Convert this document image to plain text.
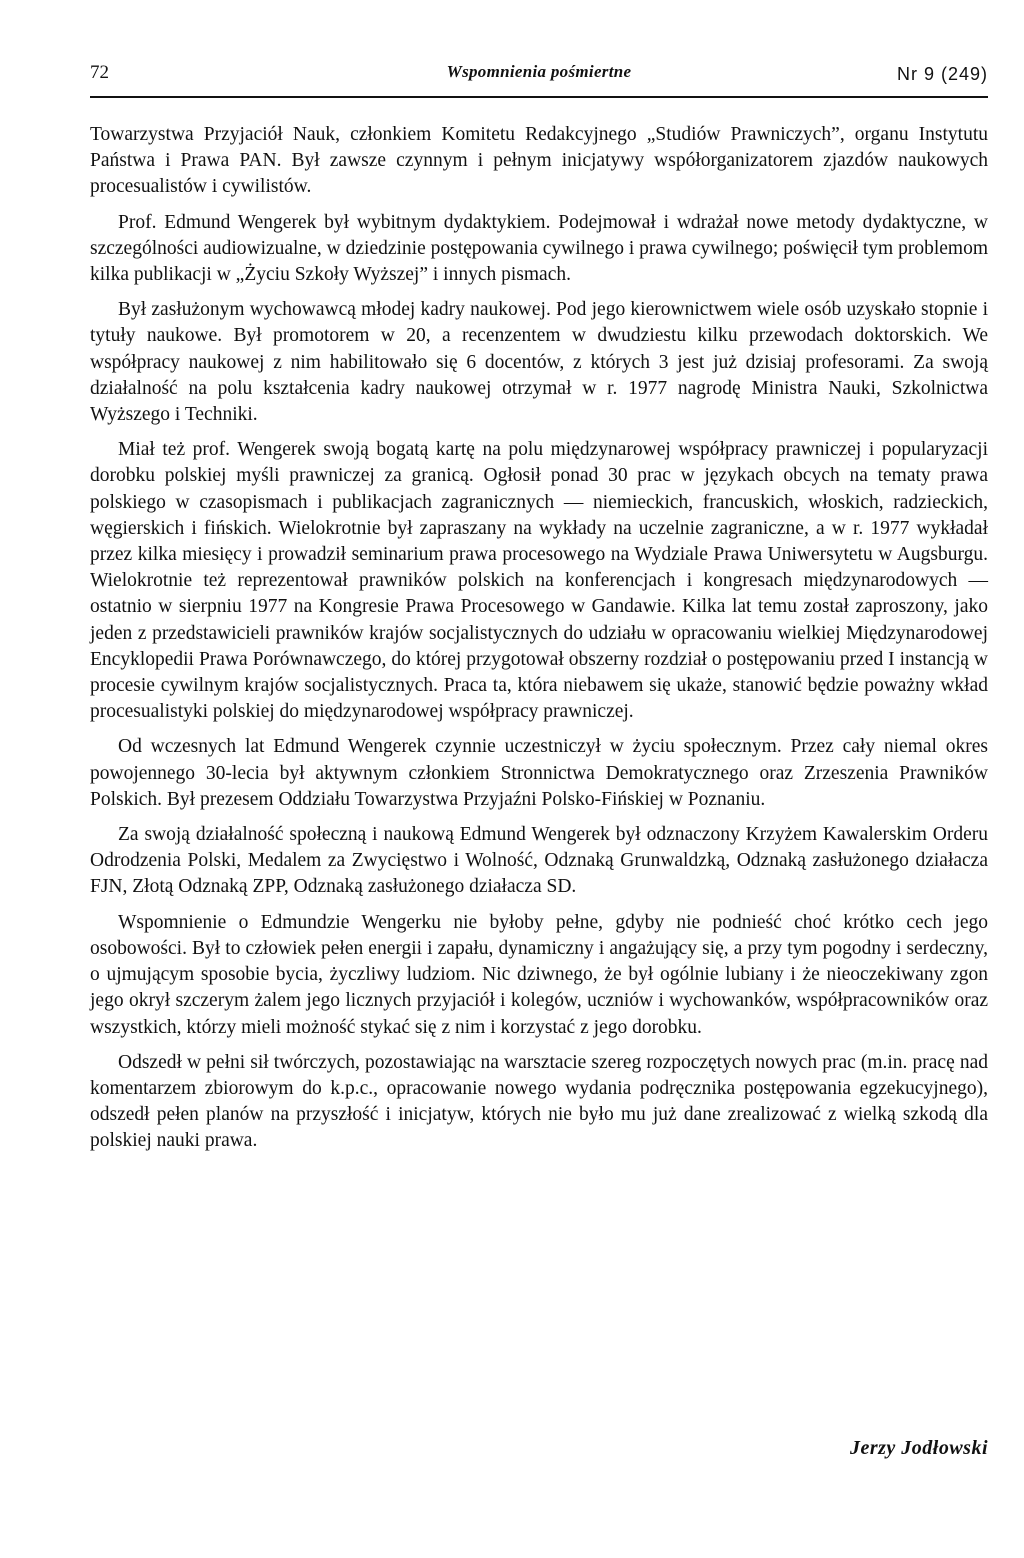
72	Wspomnienia pośmiertne	Nr 9 (249)

Towarzystwa Przyjaciół Nauk, członkiem Komitetu Redakcyjnego „Studiów Prawniczych”, organu Instytutu Państwa i Prawa PAN. Był zawsze czynnym i pełnym inicjatywy współorganizatorem zjazdów naukowych procesualistów i cywilistów.

Prof. Edmund Wengerek był wybitnym dydaktykiem. Podejmował i wdrażał nowe metody dydaktyczne, w szczególności audiowizualne, w dziedzinie postępowania cywilnego i prawa cywilnego; poświęcił tym problemom kilka publikacji w „Życiu Szkoły Wyższej” i innych pismach.

Był zasłużonym wychowawcą młodej kadry naukowej. Pod jego kierownictwem wiele osób uzyskało stopnie i tytuły naukowe. Był promotorem w 20, a recenzentem w dwudziestu kilku przewodach doktorskich. We współpracy naukowej z nim habilitowało się 6 docentów, z których 3 jest już dzisiaj profesorami. Za swoją działalność na polu kształcenia kadry naukowej otrzymał w r. 1977 nagrodę Ministra Nauki, Szkolnictwa Wyższego i Techniki.

Miał też prof. Wengerek swoją bogatą kartę na polu międzynarowej współpracy prawniczej i popularyzacji dorobku polskiej myśli prawniczej za granicą. Ogłosił ponad 30 prac w językach obcych na tematy prawa polskiego w czasopismach i publikacjach zagranicznych — niemieckich, francuskich, włoskich, radzieckich, węgierskich i fińskich. Wielokrotnie był zapraszany na wykłady na uczelnie zagraniczne, a w r. 1977 wykładał przez kilka miesięcy i prowadził seminarium prawa procesowego na Wydziale Prawa Uniwersytetu w Augsburgu. Wielokrotnie też reprezentował prawników polskich na konferencjach i kongresach międzynarodowych — ostatnio w sierpniu 1977 na Kongresie Prawa Procesowego w Gandawie. Kilka lat temu został zaproszony, jako jeden z przedstawicieli prawników krajów socjalistycznych do udziału w opracowaniu wielkiej Międzynarodowej Encyklopedii Prawa Porównawczego, do której przygotował obszerny rozdział o postępowaniu przed I instancją w procesie cywilnym krajów socjalistycznych. Praca ta, która niebawem się ukaże, stanowić będzie poważny wkład procesualistyki polskiej do międzynarodowej współpracy prawniczej.

Od wczesnych lat Edmund Wengerek czynnie uczestniczył w życiu społecznym. Przez cały niemal okres powojennego 30-lecia był aktywnym członkiem Stronnictwa Demokratycznego oraz Zrzeszenia Prawników Polskich. Był prezesem Oddziału Towarzystwa Przyjaźni Polsko-Fińskiej w Poznaniu.

Za swoją działalność społeczną i naukową Edmund Wengerek był odznaczony Krzyżem Kawalerskim Orderu Odrodzenia Polski, Medalem za Zwycięstwo i Wolność, Odznaką Grunwaldzką, Odznaką zasłużonego działacza FJN, Złotą Odznaką ZPP, Odznaką zasłużonego działacza SD.

Wspomnienie o Edmundzie Wengerku nie byłoby pełne, gdyby nie podnieść choć krótko cech jego osobowości. Był to człowiek pełen energii i zapału, dynamiczny i angażujący się, a przy tym pogodny i serdeczny, o ujmującym sposobie bycia, życzliwy ludziom. Nic dziwnego, że był ogólnie lubiany i że nieoczekiwany zgon jego okrył szczerym żalem jego licznych przyjaciół i kolegów, uczniów i wychowanków, współpracowników oraz wszystkich, którzy mieli możność stykać się z nim i korzystać z jego dorobku.

Odszedł w pełni sił twórczych, pozostawiając na warsztacie szereg rozpoczętych nowych prac (m.in. pracę nad komentarzem zbiorowym do k.p.c., opracowanie nowego wydania podręcznika postępowania egzekucyjnego), odszedł pełen planów na przyszłość i inicjatyw, których nie było mu już dane zrealizować z wielką szkodą dla polskiej nauki prawa.

Jerzy Jodłowski
